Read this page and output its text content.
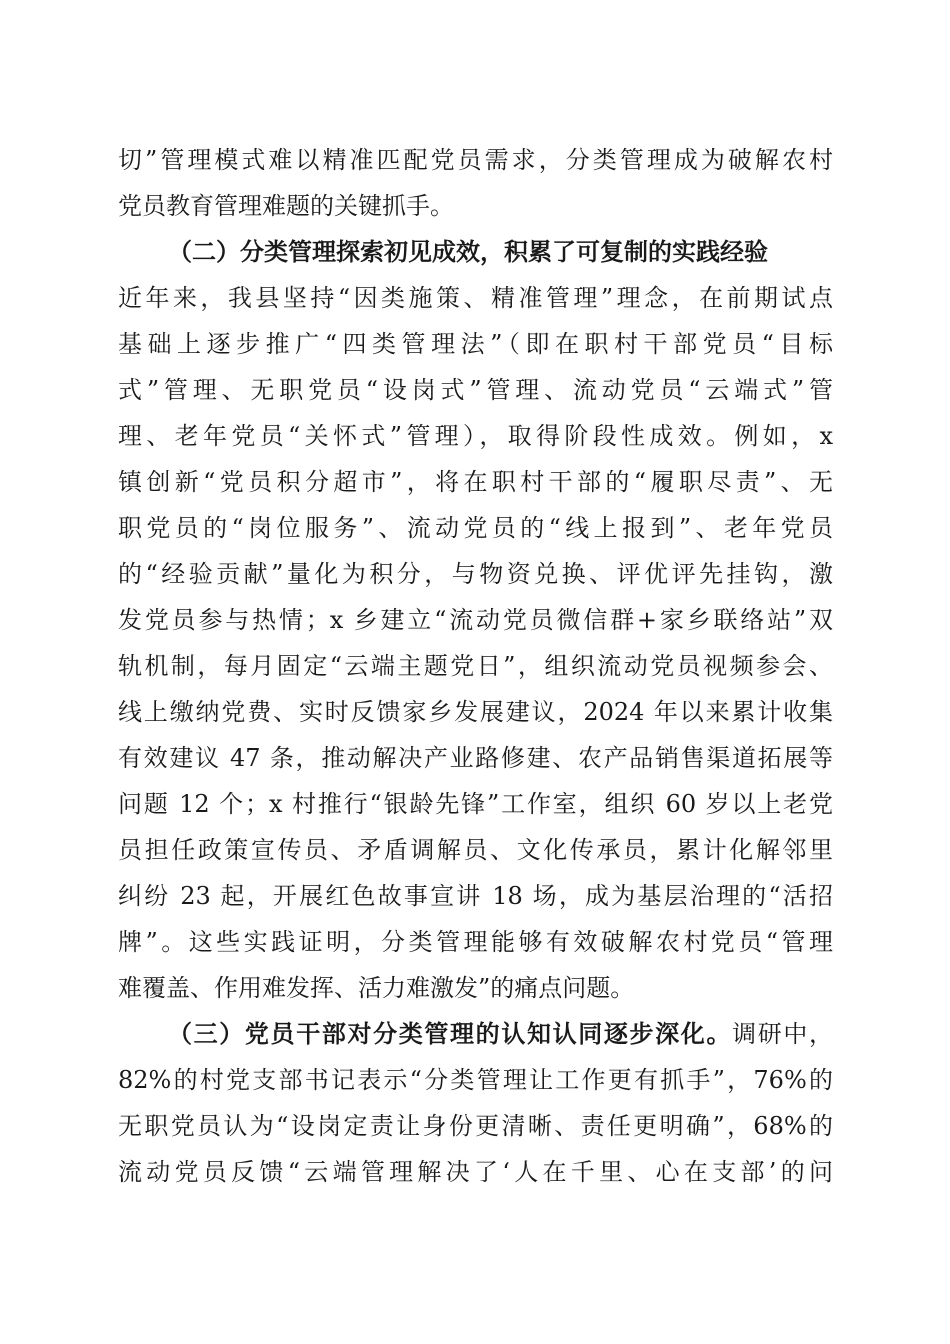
切”管理模式难以精准匹配党员需求，分类管理成为破解农村
党员教育管理难题的关键抓手。
（二）分类管理探索初见成效，积累了可复制的实践经验
近年来，我县坚持“因类施策、精准管理”理念，在前期试点
基础上逐步推广“四类管理法”（即在职村干部党员“目标
式”管理、无职党员“设岗式”管理、流动党员“云端式”管
理、老年党员“关怀式”管理），取得阶段性成效。例如，x
镇创新“党员积分超市”，将在职村干部的“履职尽责”、无
职党员的“岗位服务”、流动党员的“线上报到”、老年党员
的“经验贡献”量化为积分，与物资兑换、评优评先挂钩，激
发党员参与热情；x 乡建立“流动党员微信群+家乡联络站”双
轨机制，每月固定“云端主题党日”，组织流动党员视频参会、
线上缴纳党费、实时反馈家乡发展建议，2024 年以来累计收集
有效建议 47 条，推动解决产业路修建、农产品销售渠道拓展等
问题 12 个；x 村推行“银龄先锋”工作室，组织 60 岁以上老党
员担任政策宣传员、矛盾调解员、文化传承员，累计化解邻里
纠纷 23 起，开展红色故事宣讲 18 场，成为基层治理的“活招
牌”。这些实践证明，分类管理能够有效破解农村党员“管理
难覆盖、作用难发挥、活力难激发”的痛点问题。
（三）党员干部对分类管理的认知认同逐步深化。调研中，
82%的村党支部书记表示“分类管理让工作更有抓手”，76%的
无职党员认为“设岗定责让身份更清晰、责任更明确”，68%的
流动党员反馈“云端管理解决了‘人在千里、心在支部’的问
